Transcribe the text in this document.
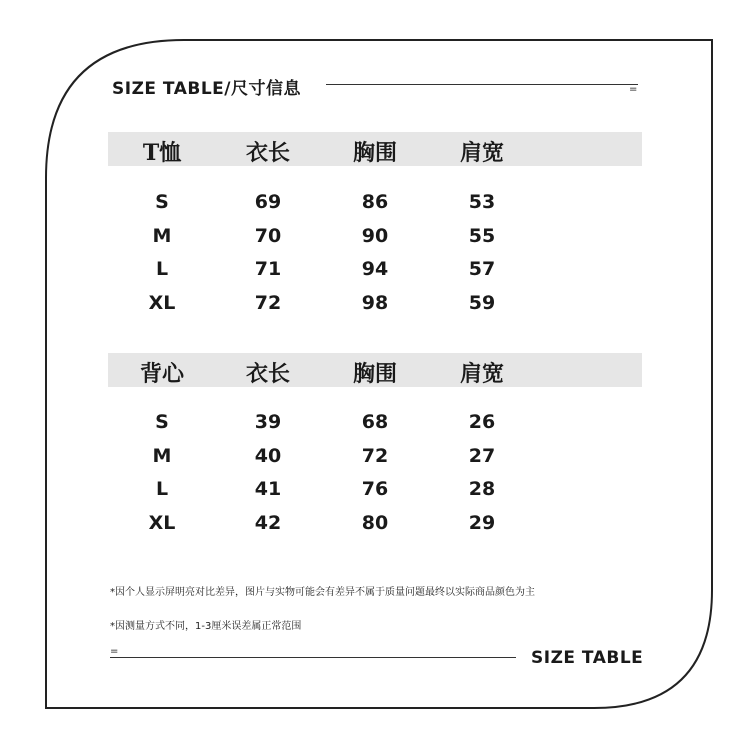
SIZE TABLE/尺寸信息	=
T恤	衣长	胸围	肩宽
S	69	86	53
M	70	90	55
L	71	94	57
XL	72	98	59
背心	衣长	胸围	肩宽
S	39	68	26
M	40	72	27
L	41	76	28
XL	42	80	29
*因个人显示屏明亮对比差异，图片与实物可能会有差异不属于质量问题最终以实际商品颜色为主
*因测量方式不同，1-3厘米误差属正常范围
=	SIZE TABLE
